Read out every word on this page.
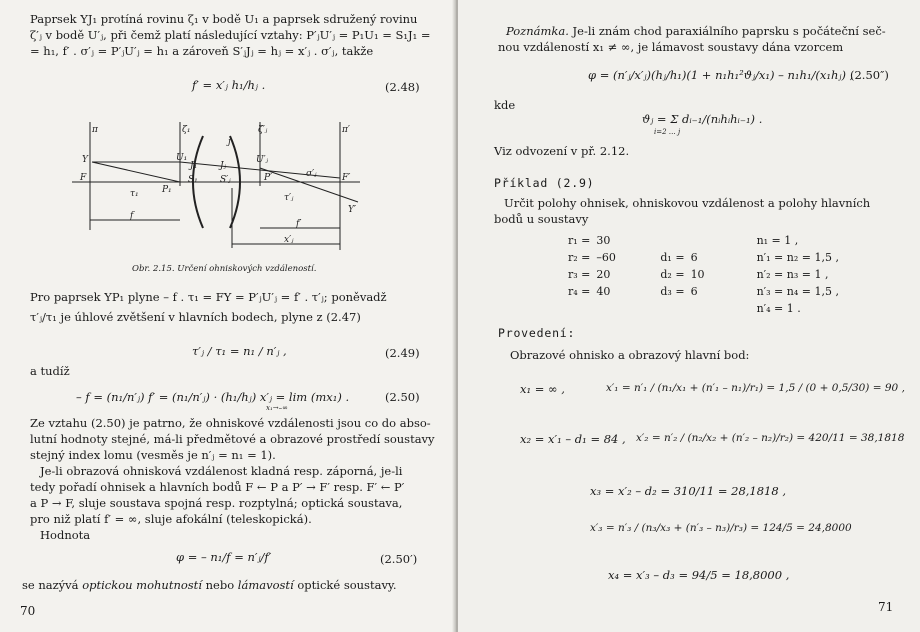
Paprsek YJ₁ protíná rovinu ζ₁ v bodě U₁ a paprsek sdružený rovinu
ζ′ⱼ v bodě U′ⱼ, při čemž platí následující vztahy: P′ⱼU′ⱼ = P₁U₁ = S₁J₁ =
= h₁, f′ . σ′ⱼ = P′ⱼU′ⱼ = h₁ a zároveň S′ⱼJⱼ = hⱼ = x′ⱼ . σ′ⱼ, takže
f′ = x′ⱼ h₁/hⱼ .	(2.48)
π	ζ₁
U₁
Y
F
τ₁	P₁
S₁
J₁
f
j
ζ′ⱼ	π′
Jⱼ
S′ⱼ
U′ⱼ
P′	F′
Y′
τ′ⱼ
σ′ⱼ
f′
x′ⱼ
Obr. 2.15. Určení ohniskových vzdáleností.
Pro paprsek YP₁ plyne – f . τ₁ = FY = P′ⱼU′ⱼ = f′ . τ′ⱼ; poněvadž
τ′ⱼ/τ₁ je úhlové zvětšení v hlavních bodech, plyne z (2.47)
τ′ⱼ / τ₁ = n₁ / n′ⱼ ,	(2.49)
a tudíž
– f = (n₁/n′ⱼ) f′ = (n₁/n′ⱼ) · (h₁/hⱼ) x′ⱼ = lim (mx₁) .
x₁→–∞
(2.50)
Ze vztahu (2.50) je patrno, že ohniskové vzdálenosti jsou co do abso-
lutní hodnoty stejné, má-li předmětové a obrazové prostředí soustavy
stejný index lomu (vesměs je n′ⱼ = n₁ = 1).
Je-li obrazová ohnisková vzdálenost kladná resp. záporná, je-li
tedy pořadí ohnisek a hlavních bodů F ← P a P′ → F′ resp. F′ ← P′
a P → F, sluje soustava spojná resp. rozptylná; optická soustava,
pro niž platí f′ = ∞, sluje afokální (teleskopická).
Hodnota
φ = – n₁/f = n′ⱼ/f′	(2.50′)
se nazývá optickou mohutností nebo lámavostí optické soustavy.
70
Poznámka. Je-li znám chod paraxiálního paprsku s počáteční seč-
nou vzdáleností x₁ ≠ ∞, je lámavost soustavy dána vzorcem
φ = (n′ⱼ/x′ⱼ)(hⱼ/h₁)(1 + n₁h₁²ϑⱼ/x₁) – n₁h₁/(x₁hⱼ) ,
(2.50″)
kde
ϑⱼ = Σ dᵢ₋₁/(nᵢhᵢhᵢ₋₁) .
i=2 … j
Viz odvození v př. 2.12.
Příklad (2.9)
Určit polohy ohnisek, ohniskovou vzdálenost a polohy hlavních
bodů u soustavy
r₁ =	30			n₁ = 1 ,
r₂ =	–60	d₁ =	6	n′₁ = n₂ = 1,5 ,
r₃ =	20	d₂ =	10	n′₂ = n₃ = 1 ,
r₄ =	40	d₃ =	6	n′₃ = n₄ = 1,5 ,
				n′₄ = 1 .
Provedení:
Obrazové ohnisko a obrazový hlavní bod:
x₁ = ∞ ,	x′₁ = n′₁ / (n₁/x₁ + (n′₁ – n₁)/r₁) = 1,5 / (0 + 0,5/30) = 90 ,
x₂ = x′₁ – d₁ = 84 , x′₂ = n′₂ / (n₂/x₂ + (n′₂ – n₂)/r₂) = 420/11 = 38,1818
x₃ = x′₂ – d₂ = 310/11 = 28,1818 ,
x′₃ = n′₃ / (n₃/x₃ + (n′₃ – n₃)/r₃) = 124/5 = 24,8000
x₄ = x′₃ – d₃ = 94/5 = 18,8000 ,
71
